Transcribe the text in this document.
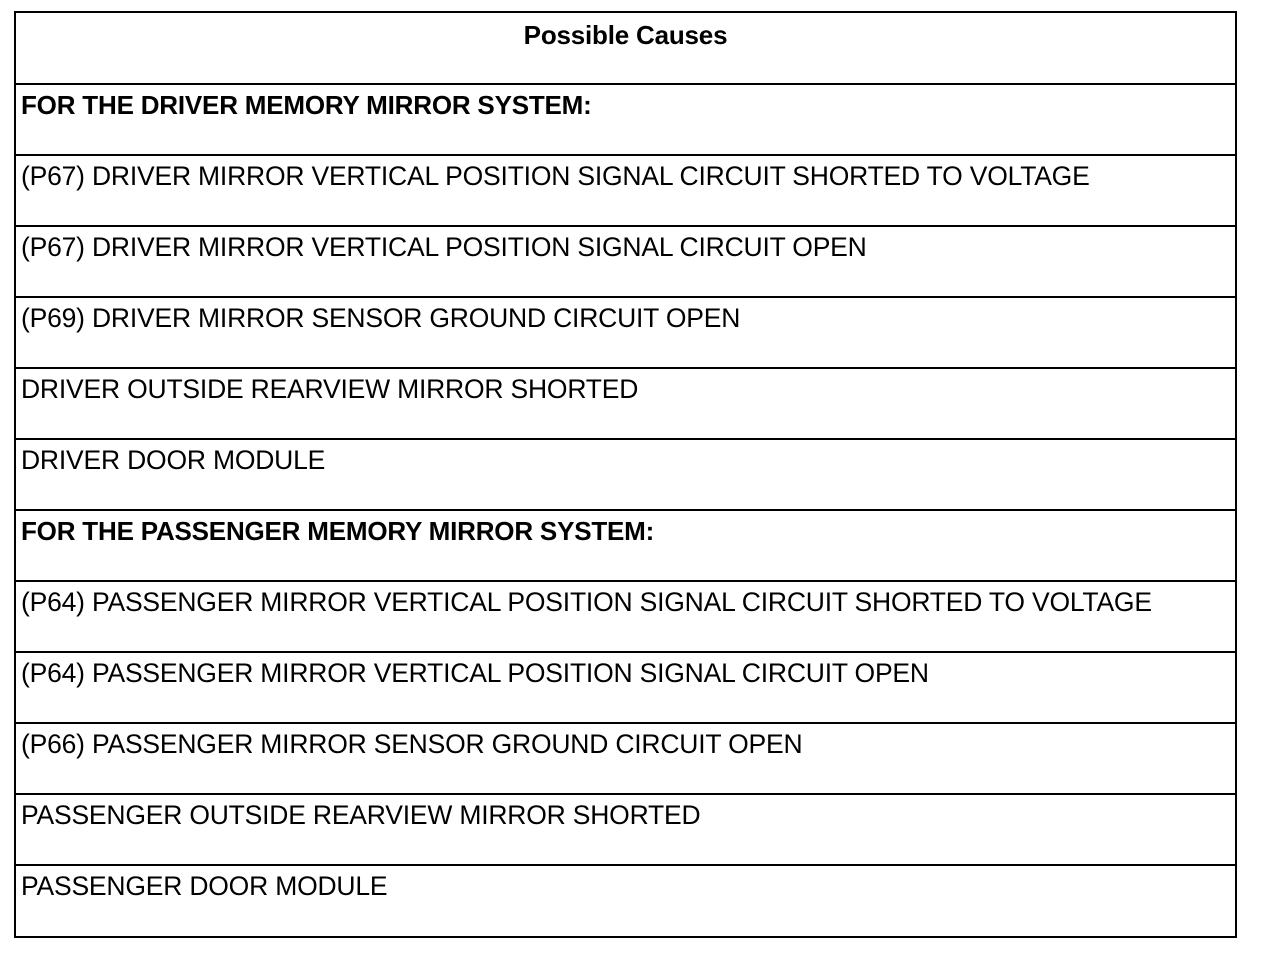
Possible Causes
FOR THE DRIVER MEMORY MIRROR SYSTEM:
(P67) DRIVER MIRROR VERTICAL POSITION SIGNAL CIRCUIT SHORTED TO VOLTAGE
(P67) DRIVER MIRROR VERTICAL POSITION SIGNAL CIRCUIT OPEN
(P69) DRIVER MIRROR SENSOR GROUND CIRCUIT OPEN
DRIVER OUTSIDE REARVIEW MIRROR SHORTED
DRIVER DOOR MODULE
FOR THE PASSENGER MEMORY MIRROR SYSTEM:
(P64) PASSENGER MIRROR VERTICAL POSITION SIGNAL CIRCUIT SHORTED TO VOLTAGE
(P64) PASSENGER MIRROR VERTICAL POSITION SIGNAL CIRCUIT OPEN
(P66) PASSENGER MIRROR SENSOR GROUND CIRCUIT OPEN
PASSENGER OUTSIDE REARVIEW MIRROR SHORTED
PASSENGER DOOR MODULE
